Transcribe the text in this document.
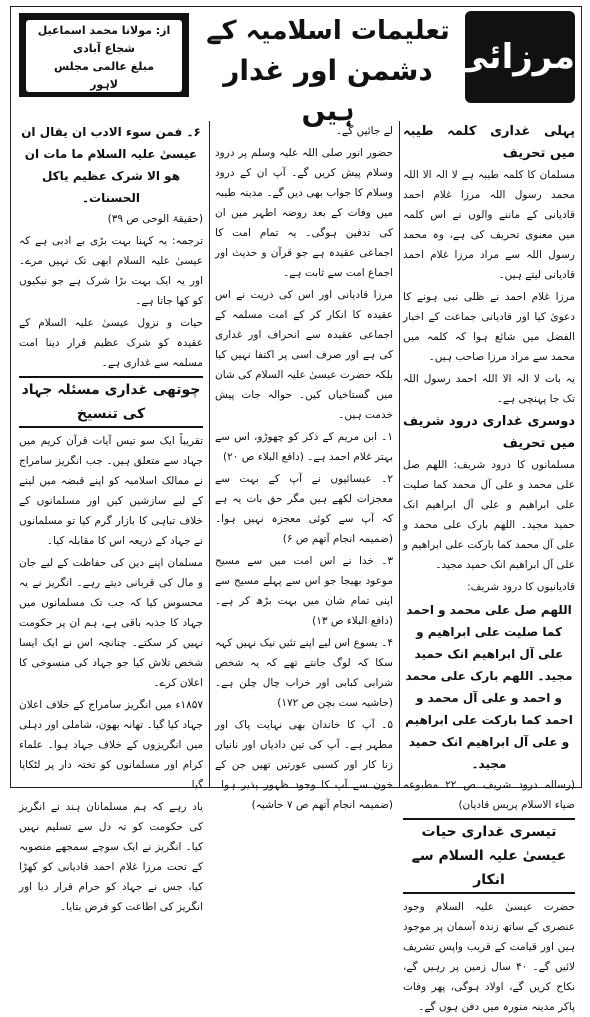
مرزائی
تعلیمات اسلامیہ کے
دشمن اور غدار ہیں
از: مولانا محمد اسماعیل شجاع آبادی
مبلغ عالمی مجلس
لاہور
پہلی غداری کلمہ طیبہ میں تحریف

مسلمان کا کلمہ طیبہ ہے لا الہ الا اللہ محمد رسول اللہ مرزا غلام احمد قادیانی کے ماننے والوں نے اس کلمہ میں معنوی تحریف کی ہے، وہ محمد رسول اللہ سے مراد مرزا غلام احمد قادیانی لیتے ہیں۔

مرزا غلام احمد نے ظلی نبی ہونے کا دعویٰ کیا اور قادیانی جماعت کے اخبار الفضل میں شائع ہوا کہ کلمہ میں محمد سے مراد مرزا صاحب ہیں۔

یہ بات لا الہ الا اللہ احمد رسول اللہ تک جا پہنچی ہے۔

دوسری غداری درود شریف میں تحریف

مسلمانوں کا درود شریف: اللھم صل علی محمد و علی آل محمد کما صلیت علی ابراھیم و علی آل ابراھیم انک حمید مجید۔ اللھم بارک علی محمد و علی آل محمد کما بارکت علی ابراھیم و علی آل ابراھیم انک حمید مجید۔

قادیانیوں کا درود شریف:

اللھم صل علی محمد و احمد کما صلیت علی ابراھیم و علی آل ابراھیم انک حمید مجید۔ اللھم بارک علی محمد و احمد و علی آل محمد و احمد کما بارکت علی ابراھیم و علی آل ابراھیم انک حمید مجید۔

(رسالہ درود شریف ص ۲۲ مطبوعہ ضیاء الاسلام پریس قادیان)

تیسری غداری حیات عیسیٰ علیہ السلام سے انکار

حضرت عیسیٰ علیہ السلام وجود عنصری کے ساتھ زندہ آسمان پر موجود ہیں اور قیامت کے قریب واپس تشریف لائیں گے۔ ۴۰ سال زمین پر رہیں گے، نکاح کریں گے، اولاد ہوگی، پھر وفات پاکر مدینہ منورہ میں دفن ہوں گے۔

لے جائیں گے۔

حضور انور صلی اللہ علیہ وسلم پر درود وسلام پیش کریں گے۔ آپ ان کے درود وسلام کا جواب بھی دیں گے۔ مدینہ طیبہ میں وفات کے بعد روضہ اطہر میں ان کی تدفین ہوگی۔ یہ تمام امت کا اجماعی عقیدہ ہے جو قرآن و حدیث اور اجماع امت سے ثابت ہے۔

مرزا قادیانی اور اس کی ذریت نے اس عقیدہ کا انکار کر کے امت مسلمہ کے اجماعی عقیدہ سے انحراف اور غداری کی ہے اور صرف اسی پر اکتفا نہیں کیا بلکہ حضرت عیسیٰ علیہ السلام کی شان میں گستاخیاں کیں۔ حوالہ جات پیش خدمت ہیں۔

۱۔ ابن مریم کے ذکر کو چھوڑو، اس سے بہتر غلام احمد ہے۔ (دافع البلاء ص ۲۰)

۲۔ عیسائیوں نے آپ کے بہت سے معجزات لکھے ہیں مگر حق بات یہ ہے کہ آپ سے کوئی معجزہ نہیں ہوا۔ (ضمیمہ انجام آتھم ص ۶)

۳۔ خدا نے اس امت میں سے مسیح موعود بھیجا جو اس سے پہلے مسیح سے اپنی تمام شان میں بہت بڑھ کر ہے۔ (دافع البلاء ص ۱۳)

۴۔ یسوع اس لیے اپنے تئیں نیک نہیں کہہ سکا کہ لوگ جانتے تھے کہ یہ شخص شرابی کبابی اور خراب چال چلن ہے۔ (حاشیہ ست بچن ص ۱۷۲)

۵۔ آپ کا خاندان بھی نہایت پاک اور مطہر ہے۔ آپ کی تین دادیاں اور نانیاں زنا کار اور کسبی عورتیں تھیں جن کے خون سے آپ کا وجود ظہور پذیر ہوا۔ (ضمیمہ انجام آتھم ص ۷ حاشیہ)

۶۔ فمن سوء الادب ان یقال ان عیسیٰ علیہ السلام ما مات ان ھو الا شرک عظیم یاکل الحسنات۔

(حقیقۃ الوحی ص ۳۹)

ترجمہ: یہ کہنا بہت بڑی بے ادبی ہے کہ عیسیٰ علیہ السلام ابھی تک نہیں مرے۔ اور یہ ایک بہت بڑا شرک ہے جو نیکیوں کو کھا جاتا ہے۔

حیات و نزول عیسیٰ علیہ السلام کے عقیدہ کو شرک عظیم قرار دینا امت مسلمہ سے غداری ہے۔

چوتھی غداری مسئلہ جہاد کی تنسیخ

تقریباً ایک سو تیس آیات قرآن کریم میں جہاد سے متعلق ہیں۔ جب انگریز سامراج نے ممالک اسلامیہ کو اپنے قبضہ میں لینے کے لیے سازشیں کیں اور مسلمانوں کے خلاف تباہی کا بازار گرم کیا تو مسلمانوں نے جہاد کے ذریعہ اس کا مقابلہ کیا۔

مسلمان اپنے دین کی حفاظت کے لیے جان و مال کی قربانی دیتے رہے۔ انگریز نے یہ محسوس کیا کہ جب تک مسلمانوں میں جہاد کا جذبہ باقی ہے، ہم ان پر حکومت نہیں کر سکتے۔ چنانچہ اس نے ایک ایسا شخص تلاش کیا جو جہاد کی منسوخی کا اعلان کرے۔

۱۸۵۷ء میں انگریز سامراج کے خلاف اعلان جہاد کیا گیا۔ تھانہ بھون، شاملی اور دہلی میں انگریزوں کے خلاف جہاد ہوا۔ علماء کرام اور مسلمانوں کو تختہ دار پر لٹکایا گیا۔

یاد رہے کہ ہم مسلمانان ہند نے انگریز کی حکومت کو تہ دل سے تسلیم نہیں کیا۔ انگریز نے ایک سوچے سمجھے منصوبہ کے تحت مرزا غلام احمد قادیانی کو کھڑا کیا، جس نے جہاد کو حرام قرار دیا اور انگریز کی اطاعت کو فرض بتایا۔
